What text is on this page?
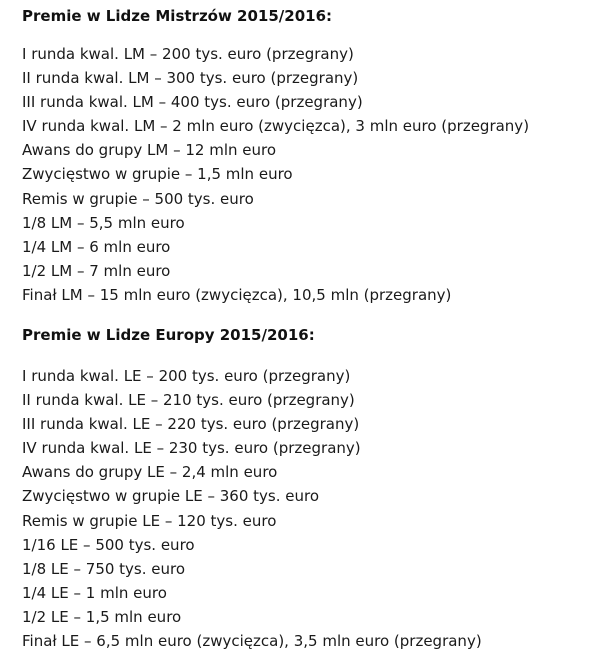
Premie w Lidze Mistrzów 2015/2016:
I runda kwal. LM – 200 tys. euro (przegrany)
II runda kwal. LM – 300 tys. euro (przegrany)
III runda kwal. LM – 400 tys. euro (przegrany)
IV runda kwal. LM – 2 mln euro (zwycięzca), 3 mln euro (przegrany)
Awans do grupy LM – 12 mln euro
Zwycięstwo w grupie – 1,5 mln euro
Remis w grupie – 500 tys. euro
1/8 LM – 5,5 mln euro
1/4 LM – 6 mln euro
1/2 LM – 7 mln euro
Finał LM – 15 mln euro (zwycięzca), 10,5 mln (przegrany)
Premie w Lidze Europy 2015/2016:
I runda kwal. LE – 200 tys. euro (przegrany)
II runda kwal. LE – 210 tys. euro (przegrany)
III runda kwal. LE – 220 tys. euro (przegrany)
IV runda kwal. LE – 230 tys. euro (przegrany)
Awans do grupy LE – 2,4 mln euro
Zwycięstwo w grupie LE – 360 tys. euro
Remis w grupie LE – 120 tys. euro
1/16 LE – 500 tys. euro
1/8 LE – 750 tys. euro
1/4 LE – 1 mln euro
1/2 LE – 1,5 mln euro
Finał LE – 6,5 mln euro (zwycięzca), 3,5 mln euro (przegrany)
